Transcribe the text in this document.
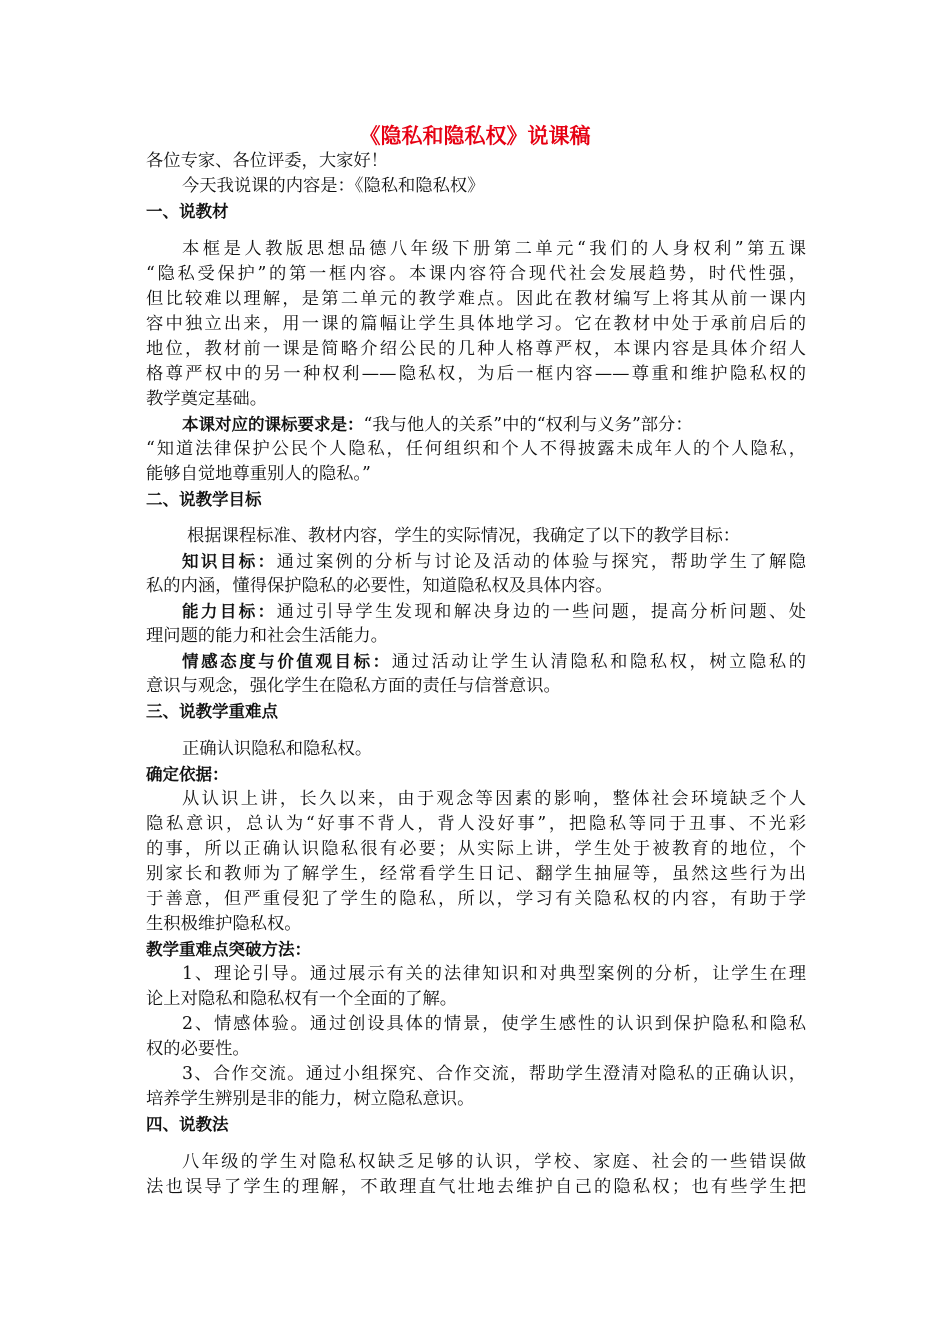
《隐私和隐私权》说课稿
各位专家、各位评委，大家好！
今天我说课的内容是：《隐私和隐私权》
一、说教材
本框是人教版思想品德八年级下册第二单元“我们的人身权利”第五课
“隐私受保护”的第一框内容。本课内容符合现代社会发展趋势，时代性强，
但比较难以理解，是第二单元的教学难点。因此在教材编写上将其从前一课内
容中独立出来，用一课的篇幅让学生具体地学习。它在教材中处于承前启后的
地位，教材前一课是简略介绍公民的几种人格尊严权，本课内容是具体介绍人
格尊严权中的另一种权利——隐私权，为后一框内容——尊重和维护隐私权的
教学奠定基础。
本课对应的课标要求是：“我与他人的关系”中的“权利与义务”部分：
“知道法律保护公民个人隐私，任何组织和个人不得披露未成年人的个人隐私，
能够自觉地尊重别人的隐私。”
二、说教学目标
根据课程标准、教材内容，学生的实际情况，我确定了以下的教学目标：
知识目标：通过案例的分析与讨论及活动的体验与探究，帮助学生了解隐
私的内涵，懂得保护隐私的必要性，知道隐私权及具体内容。
能力目标：通过引导学生发现和解决身边的一些问题，提高分析问题、处
理问题的能力和社会生活能力。
情感态度与价值观目标：通过活动让学生认清隐私和隐私权，树立隐私的
意识与观念，强化学生在隐私方面的责任与信誉意识。
三、说教学重难点
正确认识隐私和隐私权。
确定依据：
从认识上讲，长久以来，由于观念等因素的影响，整体社会环境缺乏个人
隐私意识，总认为“好事不背人，背人没好事”，把隐私等同于丑事、不光彩
的事，所以正确认识隐私很有必要；从实际上讲，学生处于被教育的地位，个
别家长和教师为了解学生，经常看学生日记、翻学生抽屉等，虽然这些行为出
于善意，但严重侵犯了学生的隐私，所以，学习有关隐私权的内容，有助于学
生积极维护隐私权。
教学重难点突破方法：
1、理论引导。通过展示有关的法律知识和对典型案例的分析，让学生在理
论上对隐私和隐私权有一个全面的了解。
2、情感体验。通过创设具体的情景，使学生感性的认识到保护隐私和隐私
权的必要性。
3、合作交流。通过小组探究、合作交流，帮助学生澄清对隐私的正确认识，
培养学生辨别是非的能力，树立隐私意识。
四、说教法
八年级的学生对隐私权缺乏足够的认识，学校、家庭、社会的一些错误做
法也误导了学生的理解，不敢理直气壮地去维护自己的隐私权；也有些学生把
